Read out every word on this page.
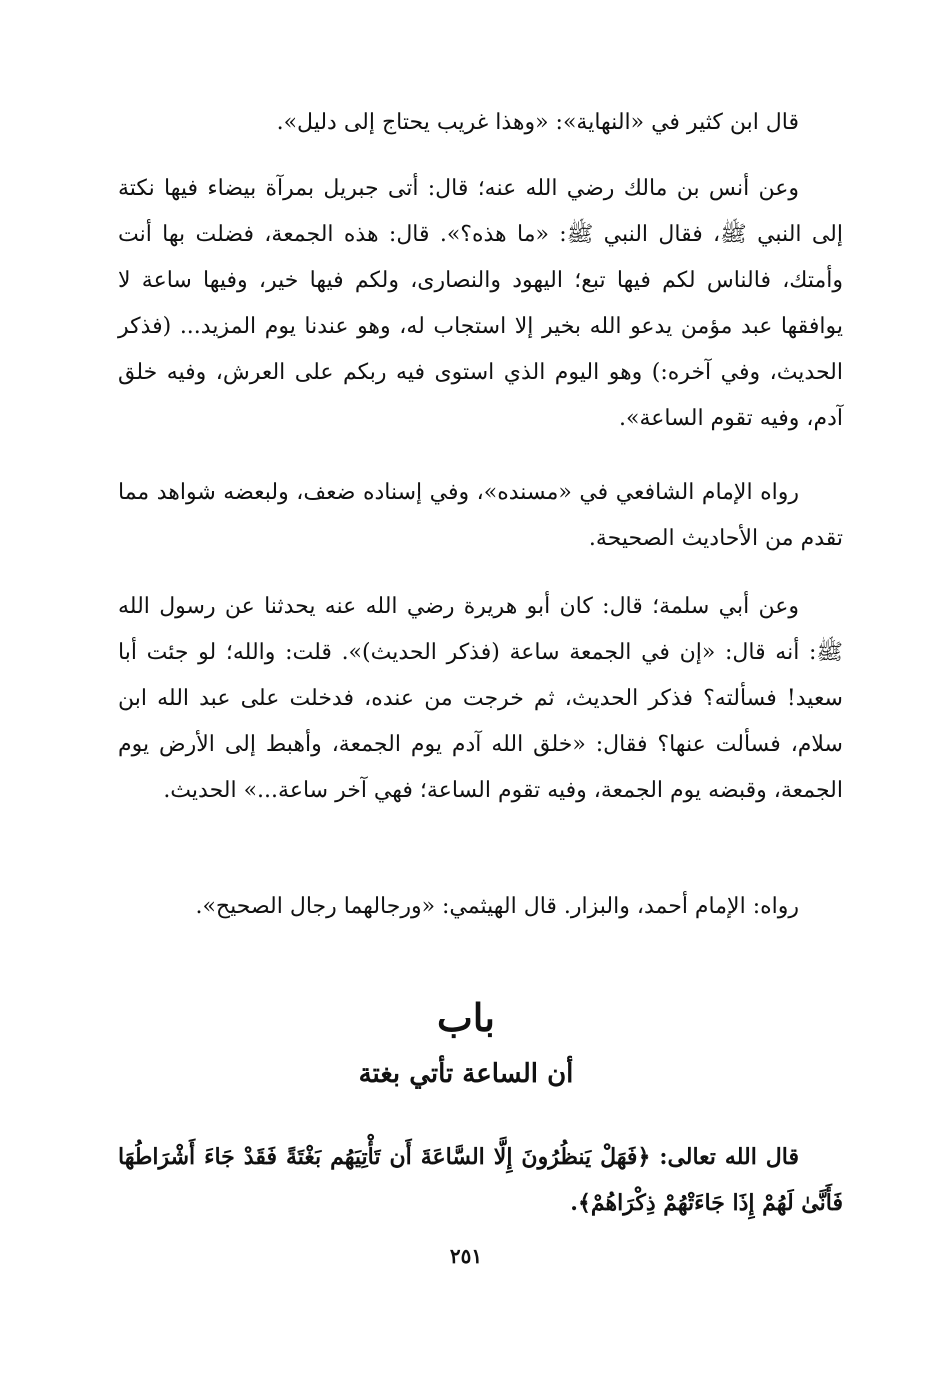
قال ابن كثير في «النهاية»: «وهذا غريب يحتاج إلى دليل».

وعن أنس بن مالك رضي الله عنه؛ قال: أتى جبريل بمرآة بيضاء فيها نكتة إلى النبي ﷺ، فقال النبي ﷺ: «ما هذه؟». قال: هذه الجمعة، فضلت بها أنت وأمتك، فالناس لكم فيها تبع؛ اليهود والنصارى، ولكم فيها خير، وفيها ساعة لا يوافقها عبد مؤمن يدعو الله بخير إلا استجاب له، وهو عندنا يوم المزيد... (فذكر الحديث، وفي آخره:) وهو اليوم الذي استوى فيه ربكم على العرش، وفيه خلق آدم، وفيه تقوم الساعة».

رواه الإمام الشافعي في «مسنده»، وفي إسناده ضعف، ولبعضه شواهد مما تقدم من الأحاديث الصحيحة.

وعن أبي سلمة؛ قال: كان أبو هريرة رضي الله عنه يحدثنا عن رسول الله ﷺ: أنه قال: «إن في الجمعة ساعة (فذكر الحديث)». قلت: والله؛ لو جئت أبا سعيد! فسألته؟ فذكر الحديث، ثم خرجت من عنده، فدخلت على عبد الله ابن سلام، فسألت عنها؟ فقال: «خلق الله آدم يوم الجمعة، وأهبط إلى الأرض يوم الجمعة، وقبضه يوم الجمعة، وفيه تقوم الساعة؛ فهي آخر ساعة...» الحديث.

رواه: الإمام أحمد، والبزار. قال الهيثمي: «ورجالهما رجال الصحيح».

باب
أن الساعة تأتي بغتة

قال الله تعالى: ﴿فَهَلْ يَنظُرُونَ إِلَّا السَّاعَةَ أَن تَأْتِيَهُم بَغْتَةً فَقَدْ جَاءَ أَشْرَاطُهَا فَأَنَّىٰ لَهُمْ إِذَا جَاءَتْهُمْ ذِكْرَاهُمْ﴾.

٢٥١
